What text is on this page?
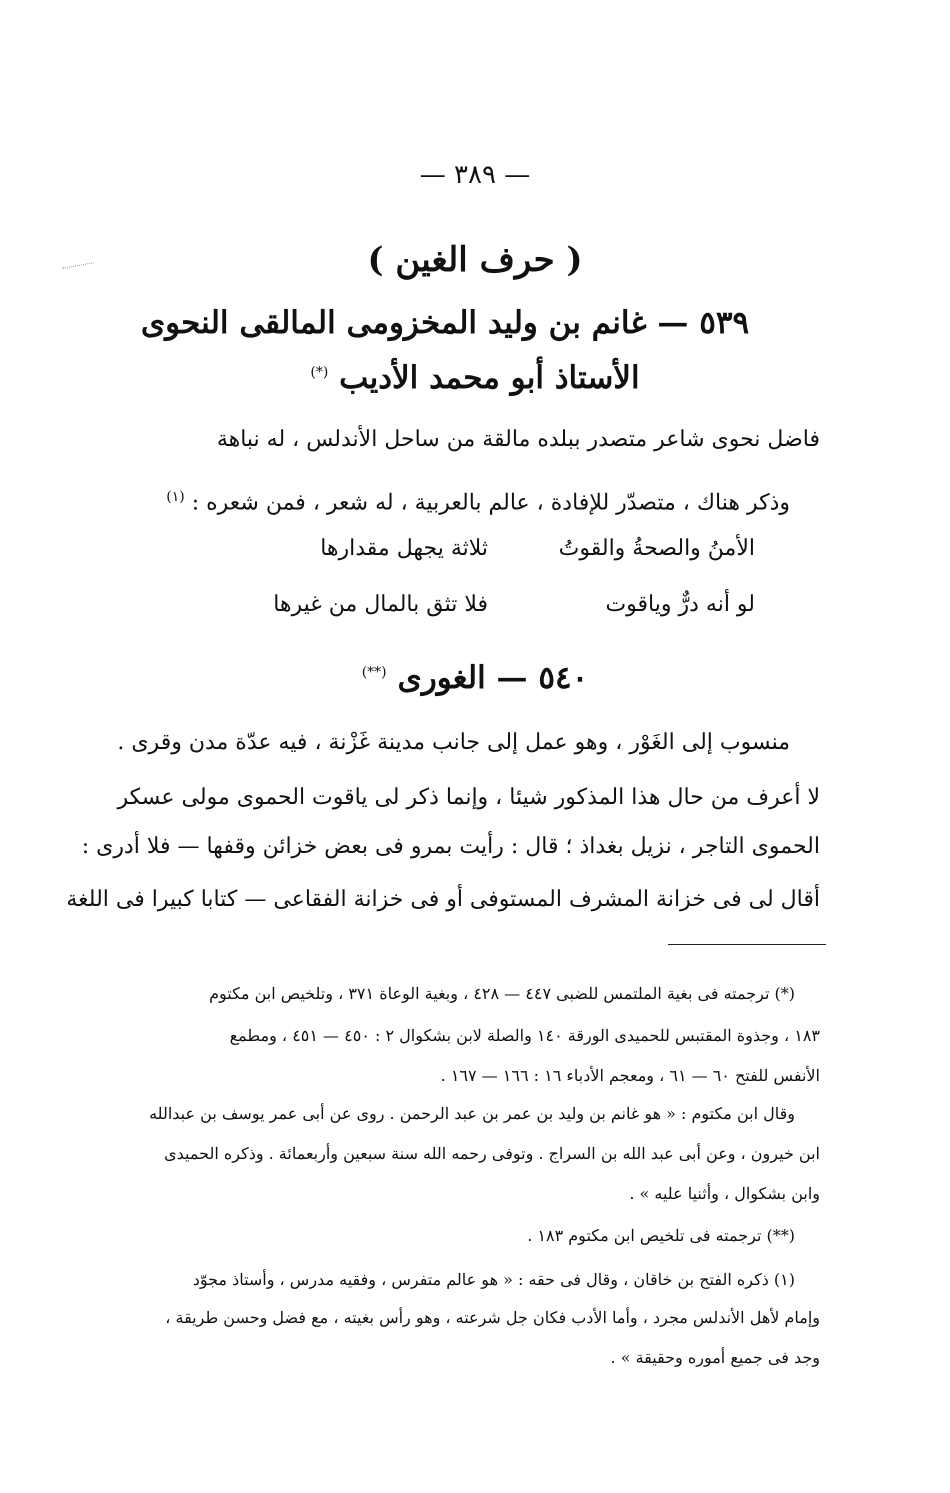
— ٣٨٩ —
( حرف الغين )
٥٣٩ — غانم بن وليد المخزومى المالقى النحوى
الأستاذ أبو محمد الأديب (*)
فاضل نحوى شاعر متصدر ببلده مالقة من ساحل الأندلس ، له نباهة
وذكر هناك ، متصدّر للإفادة ، عالم بالعربية ، له شعر ، فمن شعره : $^{(١)}$
ثلاثة يجهل مقدارها	الأمنُ والصحةُ والقوتُ
فلا تثق بالمال من غيرها	لو أنه درٌّ وياقوت
٥٤٠ — الغورى (**)
منسوب إلى الغَوْر ، وهو عمل إلى جانب مدينة غَزْنة ، فيه عدّة مدن وقرى .
لا أعرف من حال هذا المذكور شيئا ، وإنما ذكر لى ياقوت الحموى مولى عسكر
الحموى التاجر ، نزيل بغداذ ؛ قال : رأيت بمرو فى بعض خزائن وقفها — فلا أدرى :
أقال لى فى خزانة المشرف المستوفى أو فى خزانة الفقاعى — كتابا كبيرا فى اللغة
(*) ترجمته فى بغية الملتمس للضبى ٤٤٧ — ٤٢٨ ، وبغية الوعاة ٣٧١ ، وتلخيص ابن مكتوم
١٨٣ ، وجذوة المقتبس للحميدى الورقة ١٤٠ والصلة لابن بشكوال ٢ : ٤٥٠ — ٤٥١ ، ومطمع
الأنفس للفتح ٦٠ — ٦١ ، ومعجم الأدباء ١٦ : ١٦٦ — ١٦٧ .
وقال ابن مكتوم : « هو غانم بن وليد بن عمر بن عبد الرحمن . روى عن أبى عمر يوسف بن عبدالله
ابن خيرون ، وعن أبى عبد الله بن السراج . وتوفى رحمه الله سنة سبعين وأربعمائة . وذكره الحميدى
وابن بشكوال ، وأثنيا عليه » .
(**) ترجمته فى تلخيص ابن مكتوم ١٨٣ .
(١) ذكره الفتح بن خاقان ، وقال فى حقه : « هو عالم متفرس ، وفقيه مدرس ، وأستاذ مجوّد
وإمام لأهل الأندلس مجرد ، وأما الأدب فكان جل شرعته ، وهو رأس بغيته ، مع فضل وحسن طريقة ،
وجد فى جميع أموره وحقيقة » .
